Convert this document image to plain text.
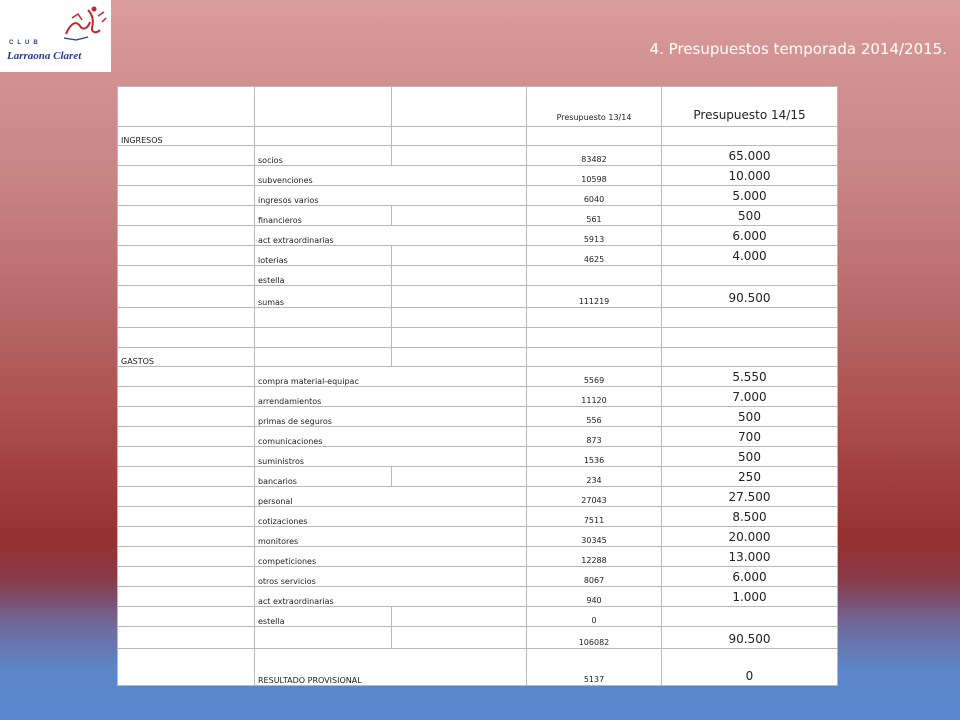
CLUB
Larraona Claret	4. Presupuestos temporada 2014/2015.
			Presupuesto 13/14	Presupuesto 14/15
INGRESOS				
	socios		83482	65.000
	subvenciones		10598	10.000
	ingresos varios		6040	5.000
	financieros		561	500
	act extraordinarias		5913	6.000
	loterias		4625	4.000
	estella			
	sumas		111219	90.500

GASTOS				
	compra material-equipac		5569	5.550
	arrendamientos		11120	7.000
	primas de seguros		556	500
	comunicaciones		873	700
	suministros		1536	500
	bancarios		234	250
	personal		27043	27.500
	cotizaciones		7511	8.500
	monitores		30345	20.000
	competiciones		12288	13.000
	otros servicios		8067	6.000
	act extraordinarias		940	1.000
	estella		0	
			106082	90.500
	RESULTADO PROVISIONAL		5137	0
